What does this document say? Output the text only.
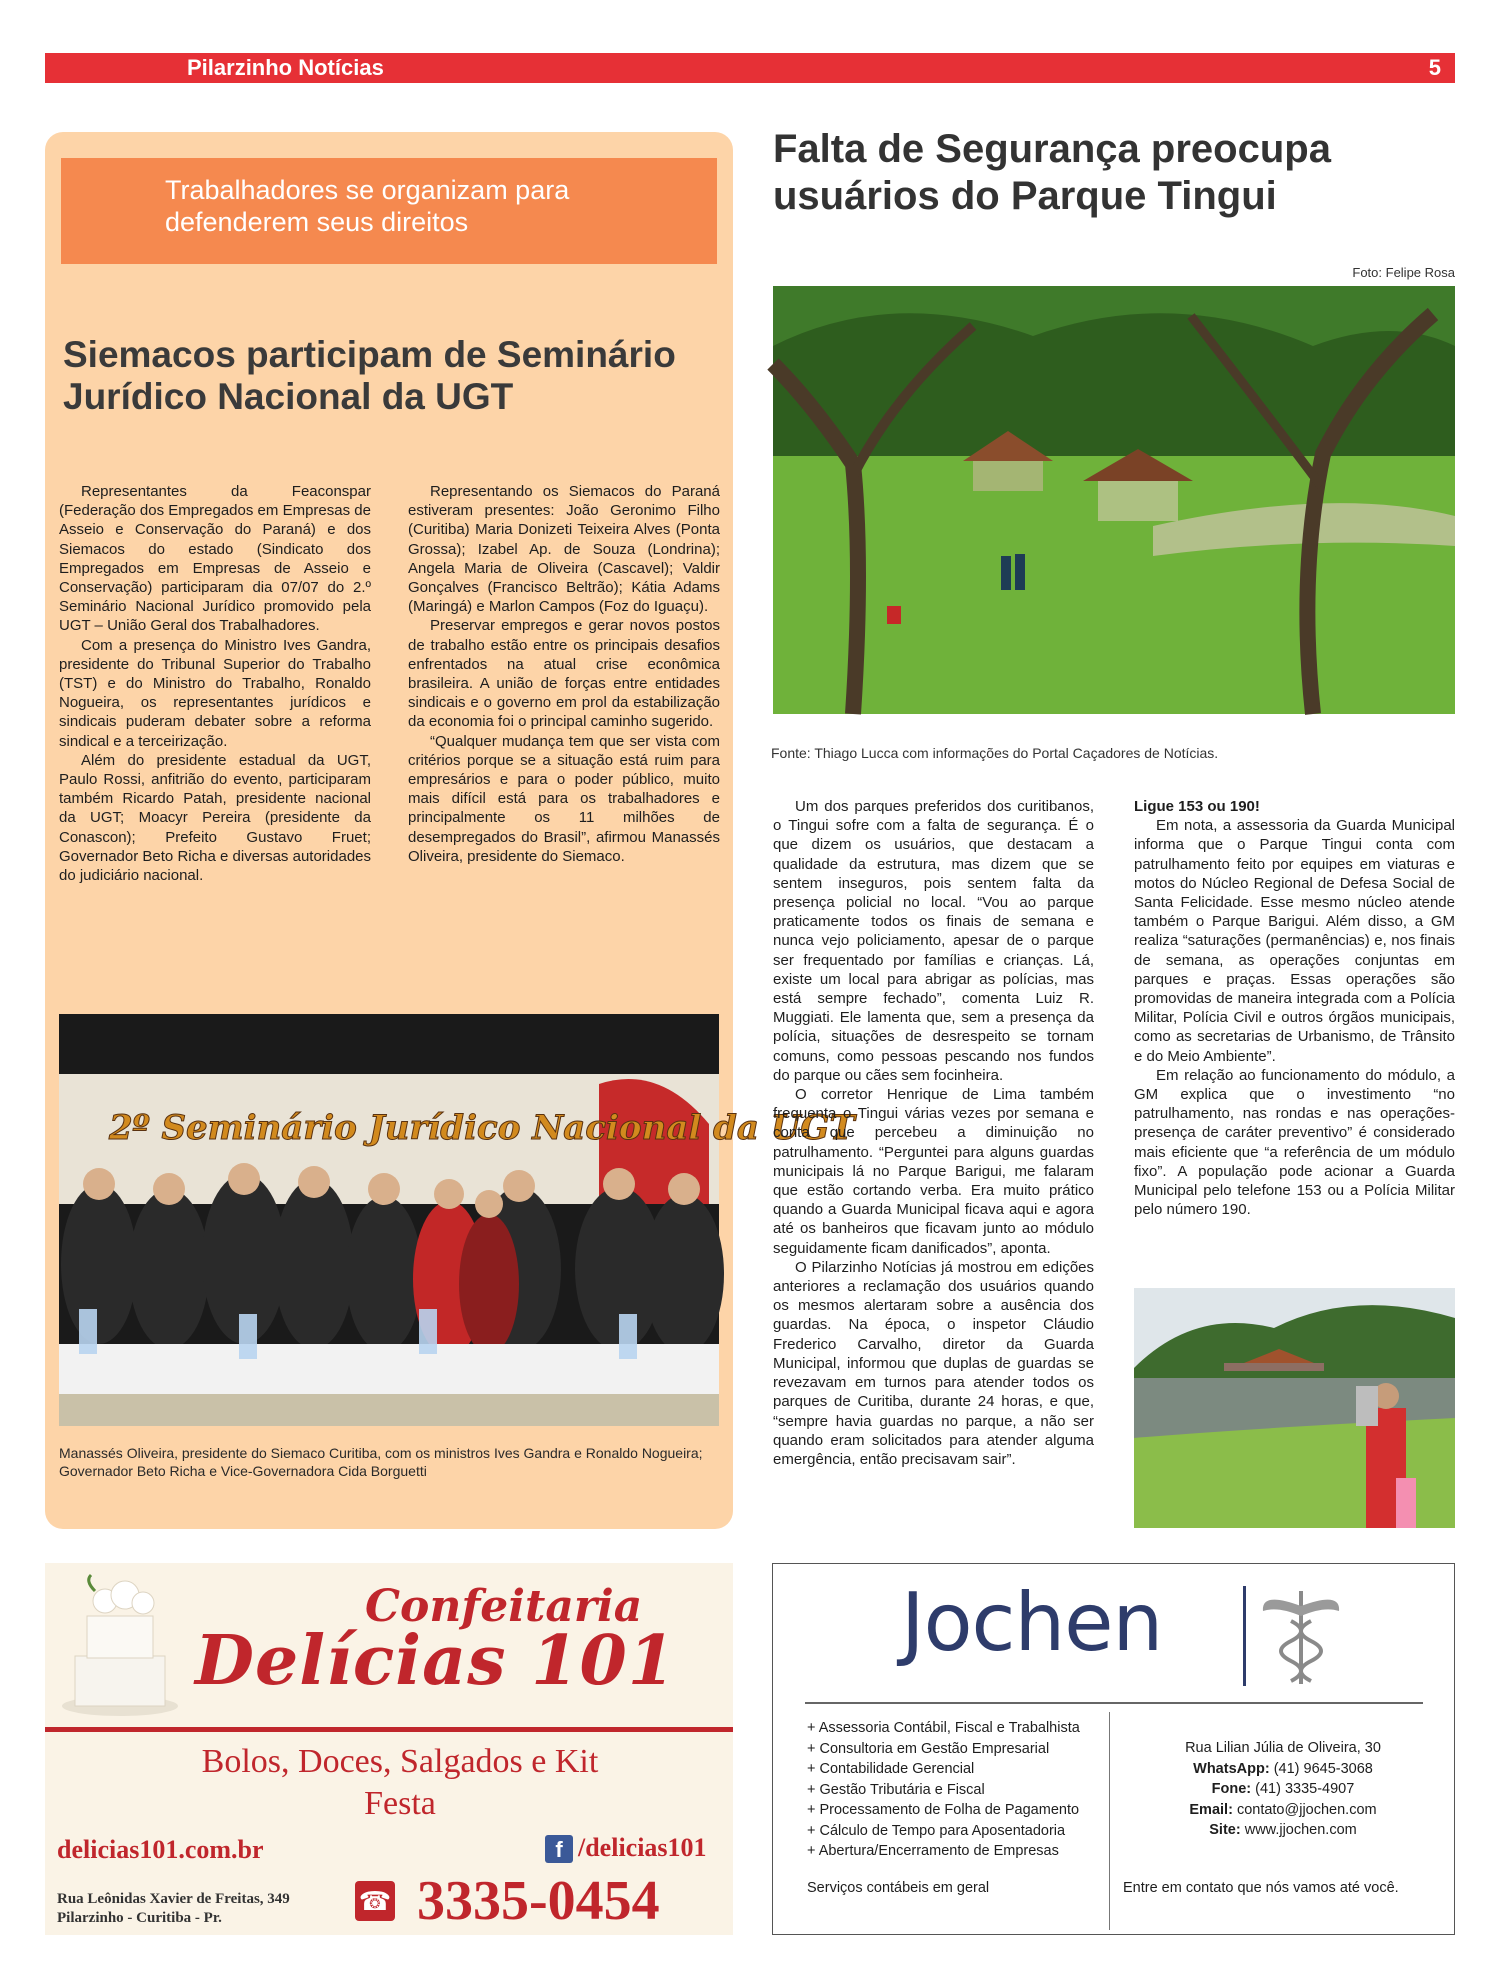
Pilarzinho Notícias	5
Trabalhadores se organizam para defenderem seus direitos
Siemacos participam de Seminário Jurídico Nacional da UGT

Representantes da Feaconspar (Federação dos Empregados em Empresas de Asseio e Conservação do Paraná) e dos Siemacos do estado (Sindicato dos Empregados em Empresas de Asseio e Conservação) participaram dia 07/07 do 2.º Seminário Nacional Jurídico promovido pela UGT – União Geral dos Trabalhadores.

Com a presença do Ministro Ives Gandra, presidente do Tribunal Superior do Trabalho (TST) e do Ministro do Trabalho, Ronaldo Nogueira, os representantes jurídicos e sindicais puderam debater sobre a reforma sindical e a terceirização.

Além do presidente estadual da UGT, Paulo Rossi, anfitrião do evento, participaram também Ricardo Patah, presidente nacional da UGT; Moacyr Pereira (presidente da Conascon); Prefeito Gustavo Fruet; Governador Beto Richa e diversas autoridades do judiciário nacional.

Representando os Siemacos do Paraná estiveram presentes: João Geronimo Filho (Curitiba) Maria Donizeti Teixeira Alves (Ponta Grossa); Izabel Ap. de Souza (Londrina); Angela Maria de Oliveira (Cascavel); Valdir Gonçalves (Francisco Beltrão); Kátia Adams (Maringá) e Marlon Campos (Foz do Iguaçu).

Preservar empregos e gerar novos postos de trabalho estão entre os principais desafios enfrentados na atual crise econômica brasileira. A união de forças entre entidades sindicais e o governo em prol da estabilização da economia foi o principal caminho sugerido.

“Qualquer mudança tem que ser vista com critérios porque se a situação está ruim para empresários e para o poder público, muito mais difícil está para os trabalhadores e principalmente os 11 milhões de desempregados do Brasil”, afirmou Manassés Oliveira, presidente do Siemaco.

2º Seminário Jurídico Nacional da UGT
Manassés Oliveira, presidente do Siemaco Curitiba, com os ministros Ives Gandra e Ronaldo Nogueira; Governador Beto Richa e Vice-Governadora Cida Borguetti
Falta de Segurança preocupa usuários do Parque Tingui
Foto: Felipe Rosa
Fonte: Thiago Lucca com informações do Portal Caçadores de Notícias.

Um dos parques preferidos dos curitibanos, o Tingui sofre com a falta de segurança. É o que dizem os usuários, que destacam a qualidade da estrutura, mas dizem que se sentem inseguros, pois sentem falta da presença policial no local. “Vou ao parque praticamente todos os finais de semana e nunca vejo policiamento, apesar de o parque ser frequentado por famílias e crianças. Lá, existe um local para abrigar as polícias, mas está sempre fechado”, comenta Luiz R. Muggiati. Ele lamenta que, sem a presença da polícia, situações de desrespeito se tornam comuns, como pessoas pescando nos fundos do parque ou cães sem focinheira.

O corretor Henrique de Lima também frequenta o Tingui várias vezes por semana e conta que percebeu a diminuição no patrulhamento. “Perguntei para alguns guardas municipais lá no Parque Barigui, me falaram que estão cortando verba. Era muito prático quando a Guarda Municipal ficava aqui e agora até os banheiros que ficavam junto ao módulo seguidamente ficam danificados”, aponta.

O Pilarzinho Notícias já mostrou em edições anteriores a reclamação dos usuários quando os mesmos alertaram sobre a ausência dos guardas. Na época, o inspetor Cláudio Frederico Carvalho, diretor da Guarda Municipal, informou que duplas de guardas se revezavam em turnos para atender todos os parques de Curitiba, durante 24 horas, e que, “sempre havia guardas no parque, a não ser quando eram solicitados para atender alguma emergência, então precisavam sair”.

Ligue 153 ou 190!

Em nota, a assessoria da Guarda Municipal informa que o Parque Tingui conta com patrulhamento feito por equipes em viaturas e motos do Núcleo Regional de Defesa Social de Santa Felicidade. Esse mesmo núcleo atende também o Parque Barigui. Além disso, a GM realiza “saturações (permanências) e, nos finais de semana, as operações conjuntas em parques e praças. Essas operações são promovidas de maneira integrada com a Polícia Militar, Polícia Civil e outros órgãos municipais, como as secretarias de Urbanismo, de Trânsito e do Meio Ambiente”.

Em relação ao funcionamento do módulo, a GM explica que o investimento “no patrulhamento, nas rondas e nas operações-presença de caráter preventivo” é considerado mais eficiente que “a referência de um módulo fixo”. A população pode acionar a Guarda Municipal pelo telefone 153 ou a Polícia Militar pelo número 190.

Confeitaria
Delícias 101
Bolos, Doces, Salgados e Kit Festa
delicias101.com.br	f /delicias101
Rua Leônidas Xavier de Freitas, 349
Pilarzinho - Curitiba - Pr.
☎ 3335-0454
Jochen
+ Assessoria Contábil, Fiscal e Trabalhista
+ Consultoria em Gestão Empresarial
+ Contabilidade Gerencial
+ Gestão Tributária e Fiscal
+ Processamento de Folha de Pagamento
+ Cálculo de Tempo para Aposentadoria
+ Abertura/Encerramento de Empresas
Serviços contábeis em geral
Rua Lilian Júlia de Oliveira, 30
WhatsApp: (41) 9645-3068
Fone: (41) 3335-4907
Email: contato@jjochen.com
Site: www.jjochen.com
Entre em contato que nós vamos até você.
